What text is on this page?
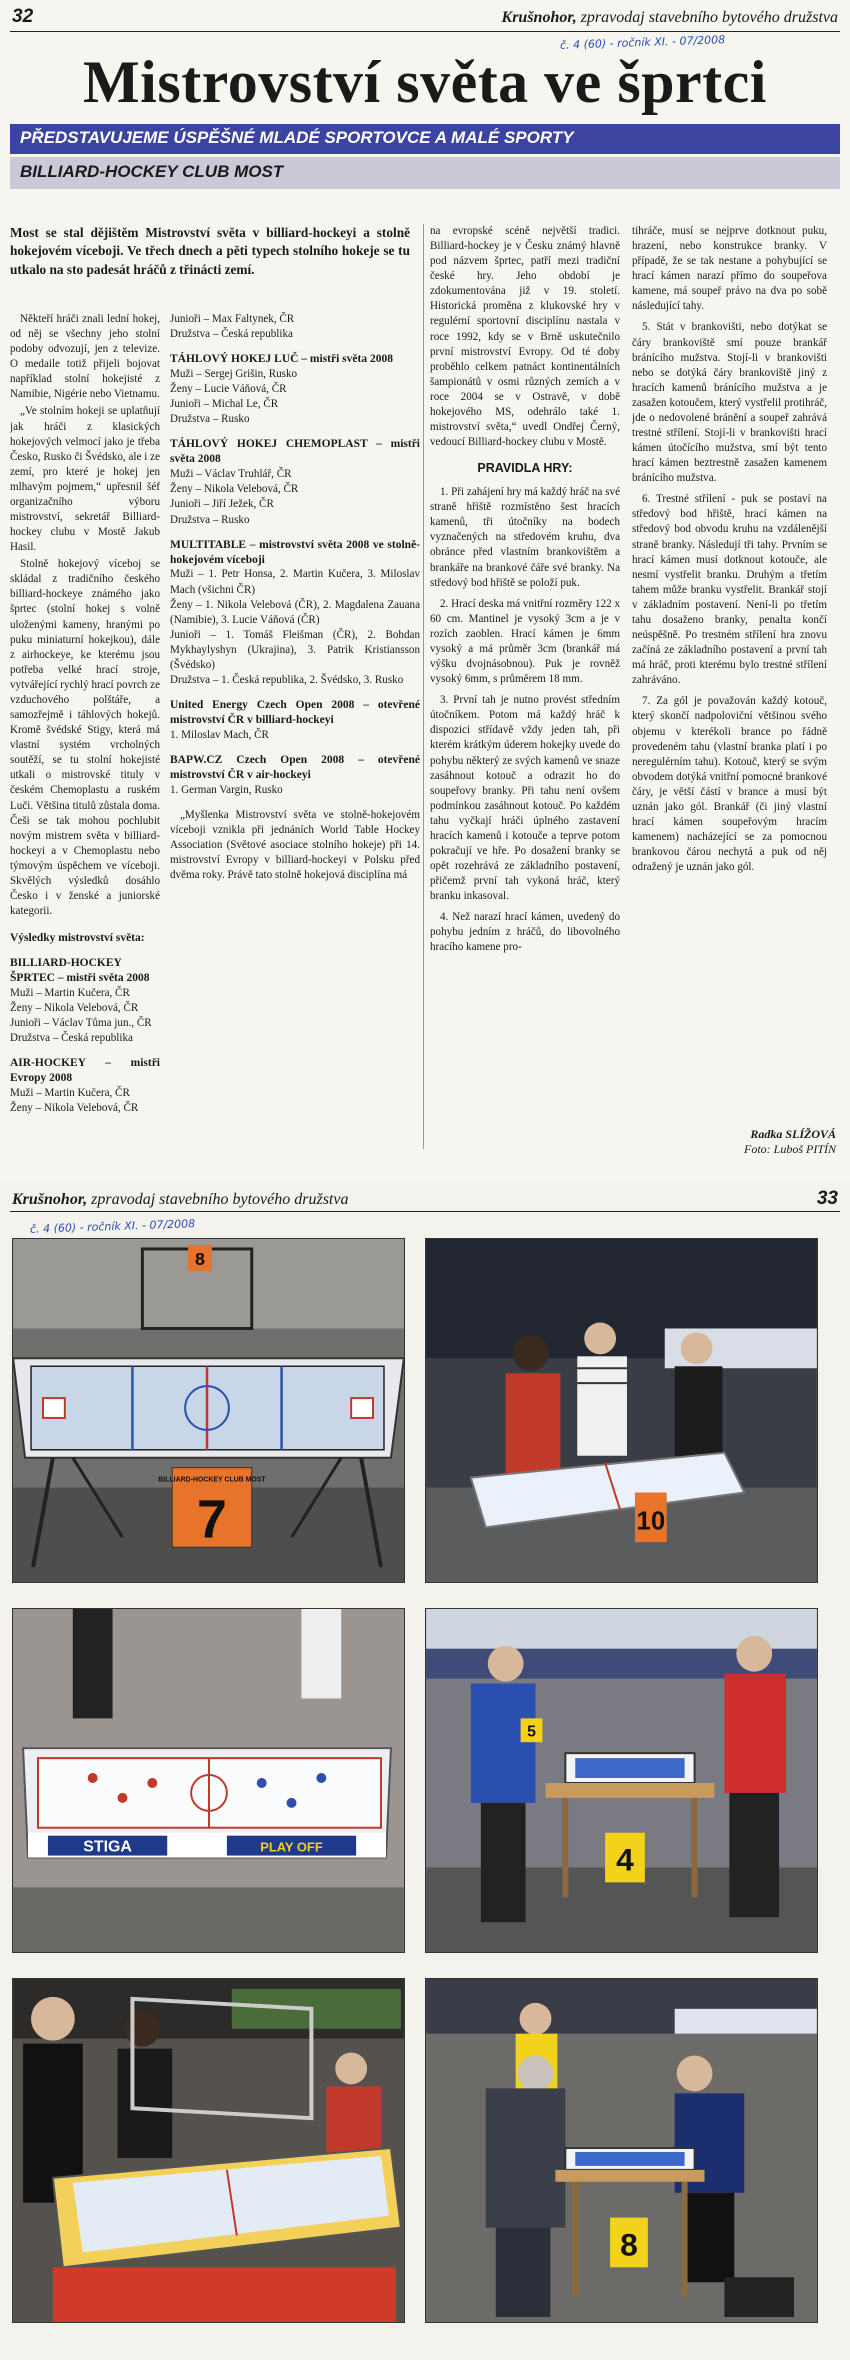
32	Krušnohor, zpravodaj stavebního bytového družstva
č. 4 (60) - ročník XI. - 07/2008
Mistrovství světa ve šprtci
PŘEDSTAVUJEME ÚSPĚŠNÉ MLADÉ SPORTOVCE A MALÉ SPORTY
BILLIARD-HOCKEY CLUB MOST
Most se stal dějištěm Mistrovství světa v billiard-hockeyi a stolně hokejovém víceboji. Ve třech dnech a pěti typech stolního hokeje se tu utkalo na sto padesát hráčů z třinácti zemí.

Někteří hráči znali lední hokej, od něj se všechny jeho stolní podoby odvozují, jen z televize. O medaile totiž přijeli bojovat například stolní hokejisté z Namibie, Nigérie nebo Vietnamu.

„Ve stolním hokeji se uplatňují jak hráči z klasických hokejových velmocí jako je třeba Česko, Rusko či Švédsko, ale i ze zemí, pro které je hokej jen mlhavým pojmem,“ upřesnil šéf organizačního výboru mistrovství, sekretář Billiard-hockey clubu v Mostě Jakub Hasil.

Stolně hokejový víceboj se skládal z tradičního českého billiard-hockeye známého jako šprtec (stolní hokej s volně uloženými kameny, hranými po puku miniaturní hokejkou), dále z airhockeye, ke kterému jsou potřeba velké hrací stroje, vytvářející rychlý hrací povrch ze vzduchového polštáře, a samozřejmě i táhlových hokejů. Kromě švédské Stigy, která má vlastní systém vrcholných soutěží, se tu stolní hokejisté utkali o mistrovské tituly v českém Chemoplastu a ruském Luči. Většina titulů zůstala doma. Češi se tak mohou pochlubit novým mistrem světa v billiard-hockeyi a v Chemoplastu nebo týmovým úspěchem ve víceboji. Skvělých výsledků dosáhlo Česko i v ženské a juniorské kategorii.

Výsledky mistrovství světa:
BILLIARD-HOCKEY ŠPRTEC – mistři světa 2008

Muži – Martin Kučera, ČR

Ženy – Nikola Velebová, ČR

Junioři – Václav Tůma jun., ČR

Družstva – Česká republika

AIR-HOCKEY – mistři Evropy 2008

Muži – Martin Kučera, ČR

Ženy – Nikola Velebová, ČR

Junioři – Max Faltynek, ČR

Družstva – Česká republika

TÁHLOVÝ HOKEJ LUČ – mistři světa 2008

Muži – Sergej Grišin, Rusko

Ženy – Lucie Váňová, ČR

Junioři – Michal Le, ČR

Družstva – Rusko

TÁHLOVÝ HOKEJ CHEMOPLAST – mistři světa 2008

Muži – Václav Truhlář, ČR

Ženy – Nikola Velebová, ČR

Junioři – Jiří Ježek, ČR

Družstva – Rusko

MULTITABLE – mistrovství světa 2008 ve stolně-hokejovém víceboji

Muži – 1. Petr Honsa, 2. Martin Kučera, 3. Miloslav Mach (všichni ČR)

Ženy – 1. Nikola Velebová (ČR), 2. Magdalena Zauana (Namibie), 3. Lucie Váňová (ČR)

Junioři – 1. Tomáš Fleišman (ČR), 2. Bohdan Mykhaylyshyn (Ukrajina), 3. Patrik Kristiansson (Švédsko)

Družstva – 1. Česká republika, 2. Švédsko, 3. Rusko

United Energy Czech Open 2008 – otevřené mistrovství ČR v billiard-hockeyi

1. Miloslav Mach, ČR

BAPW.CZ Czech Open 2008 – otevřené mistrovství ČR v air-hockeyi

1. German Vargin, Rusko

„Myšlenka Mistrovství světa ve stolně-hokejovém víceboji vznikla při jednáních World Table Hockey Association (Světové asociace stolního hokeje) při 14. mistrovství Evropy v billiard-hockeyi v Polsku před dvěma roky. Právě tato stolně hokejová disciplína má

na evropské scéně největší tradici. Billiard-hockey je v Česku známý hlavně pod názvem šprtec, patří mezi tradiční české hry. Jeho období je zdokumentována již v 19. století. Historická proměna z klukovské hry v regulérní sportovní disciplínu nastala v roce 1992, kdy se v Brně uskutečnilo první mistrovství Evropy. Od té doby proběhlo celkem patnáct kontinentálních šampionátů v osmi různých zemích a v roce 2004 se v Ostravě, v době hokejového MS, odehrálo také 1. mistrovství světa,“ uvedl Ondřej Černý, vedoucí Billiard-hockey clubu v Mostě.

PRAVIDLA HRY:

1. Při zahájení hry má každý hráč na své straně hřiště rozmístěno šest hracích kamenů, tři útočníky na bodech vyznačených na středovém kruhu, dva obránce před vlastním brankovištěm a brankáře na brankové čáře své branky. Na středový bod hřiště se položí puk.

2. Hrací deska má vnitřní rozměry 122 x 60 cm. Mantinel je vysoký 3cm a je v rozích zaoblen. Hrací kámen je 6mm vysoký a má průměr 3cm (brankář má výšku dvojnásobnou). Puk je rovněž vysoký 6mm, s průměrem 18 mm.

3. První tah je nutno provést středním útočníkem. Potom má každý hráč k dispozici střídavě vždy jeden tah, při kterém krátkým úderem hokejky uvede do pohybu některý ze svých kamenů ve snaze zasáhnout kotouč a odrazit ho do soupeřovy branky. Při tahu není ovšem podmínkou zasáhnout kotouč. Po každém tahu vyčkají hráči úplného zastavení hracích kamenů i kotouče a teprve potom pokračují ve hře. Po dosažení branky se opět rozehrává ze základního postavení, přičemž první tah vykoná hráč, který branku inkasoval.

4. Než narazí hrací kámen, uvedený do pohybu jedním z hráčů, do libovolného hracího kamene pro-

tihráče, musí se nejprve dotknout puku, hrazení, nebo konstrukce branky. V případě, že se tak nestane a pohybující se hrací kámen narazí přímo do soupeřova kamene, má soupeř právo na dva po sobě následující tahy.

5. Stát v brankovišti, nebo dotýkat se čáry brankoviště smí pouze brankář bránícího mužstva. Stojí-li v brankovišti nebo se dotýká čáry brankoviště jiný z hracích kamenů bránícího mužstva a je zasažen kotoučem, který vystřelil protihráč, jde o nedovolené bránění a soupeř zahrává trestné střílení. Stojí-li v brankovišti hrací kámen útočícího mužstva, smí být tento hrací kámen beztrestně zasažen kamenem bránícího mužstva.

6. Trestné střílení - puk se postaví na středový bod hřiště, hrací kámen na středový bod obvodu kruhu na vzdálenější straně branky. Následují tři tahy. Prvním se hrací kámen musí dotknout kotouče, ale nesmí vystřelit branku. Druhým a třetím tahem může branku vystřelit. Brankář stojí v základním postavení. Není-li po třetím tahu dosaženo branky, penalta končí neúspěšně. Po trestném střílení hra znovu začíná ze základního postavení a první tah má hráč, proti kterému bylo trestné střílení zahráváno.

7. Za gól je považován každý kotouč, který skončí nadpoloviční většinou svého objemu v kterékoli brance po řádně provedeném tahu (vlastní branka platí i po neregulérním tahu). Kotouč, který se svým obvodem dotýká vnitřní pomocné brankové čáry, je větší částí v brance a musí být uznán jako gól. Brankář (či jiný vlastní hrací kámen soupeřovým hracím kamenem) nacházející se za pomocnou brankovou čárou nechytá a puk od něj odražený je uznán jako gól.

Radka SLÍŽOVÁ
Foto: Luboš PITÍN
Krušnohor, zpravodaj stavebního bytového družstva	33
č. 4 (60) - ročník XI. - 07/2008
8
BILLIARD-HOCKEY CLUB MOST
7	10
STIGA	PLAY OFF	4
5
8
